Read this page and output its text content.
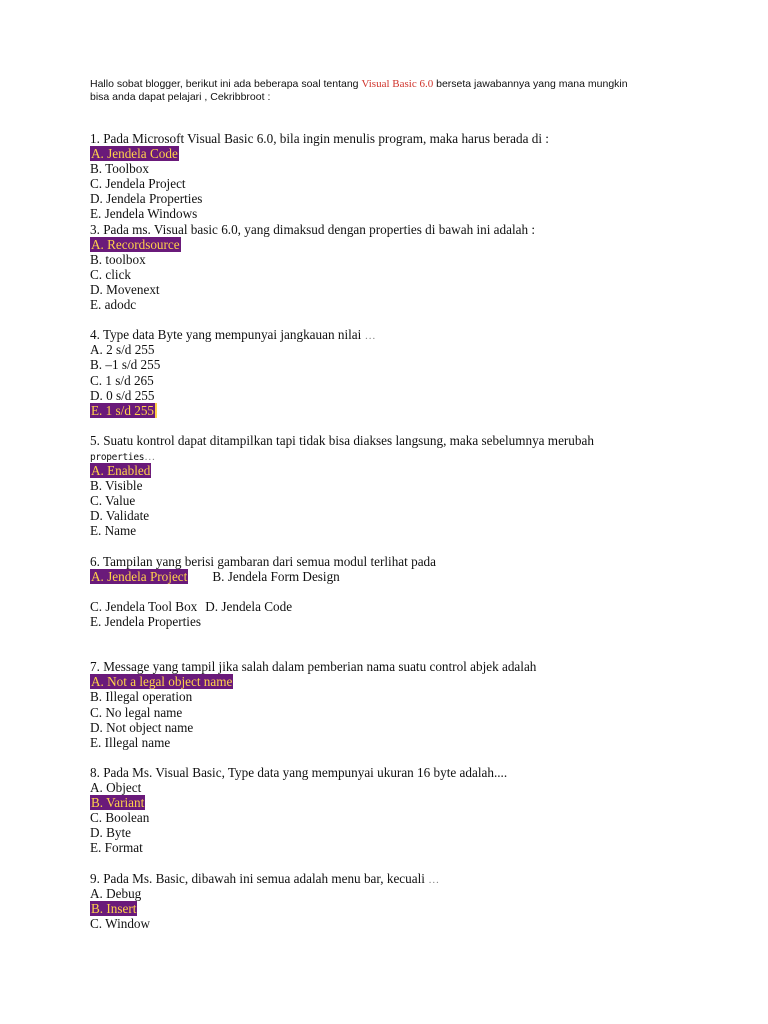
Hallo sobat blogger, berikut ini ada beberapa soal tentang Visual Basic 6.0 berseta jawabannya yang mana mungkin
bisa anda dapat pelajari , Cekribbroot :
1. Pada Microsoft Visual Basic 6.0, bila ingin menulis program, maka harus berada di :
A. Jendela Code
B. Toolbox
C. Jendela Project
D. Jendela Properties
E. Jendela Windows
3. Pada ms. Visual basic 6.0, yang dimaksud dengan properties di bawah ini adalah :
A. Recordsource
B. toolbox
C. click
D. Movenext
E. adodc
4. Type data Byte yang mempunyai jangkauan nilai …
A. 2 s/d 255
B. –1 s/d 255
C. 1 s/d 265
D. 0 s/d 255
E. 1 s/d 255
5. Suatu kontrol dapat ditampilkan tapi tidak bisa diakses langsung, maka sebelumnya merubah
properties…
A. Enabled
B. Visible
C. Value
D. Validate
E. Name
6. Tampilan yang berisi gambaran dari semua modul terlihat pada
A. Jendela Project B. Jendela Form Design
C. Jendela Tool Box D. Jendela Code
E. Jendela Properties
7. Message yang tampil jika salah dalam pemberian nama suatu control abjek adalah
A. Not a legal object name
B. Illegal operation
C. No legal name
D. Not object name
E. Illegal name
8. Pada Ms. Visual Basic, Type data yang mempunyai ukuran 16 byte adalah....
A. Object
B. Variant
C. Boolean
D. Byte
E. Format
9. Pada Ms. Basic, dibawah ini semua adalah menu bar, kecuali …
A. Debug
B. Insert
C. Window
